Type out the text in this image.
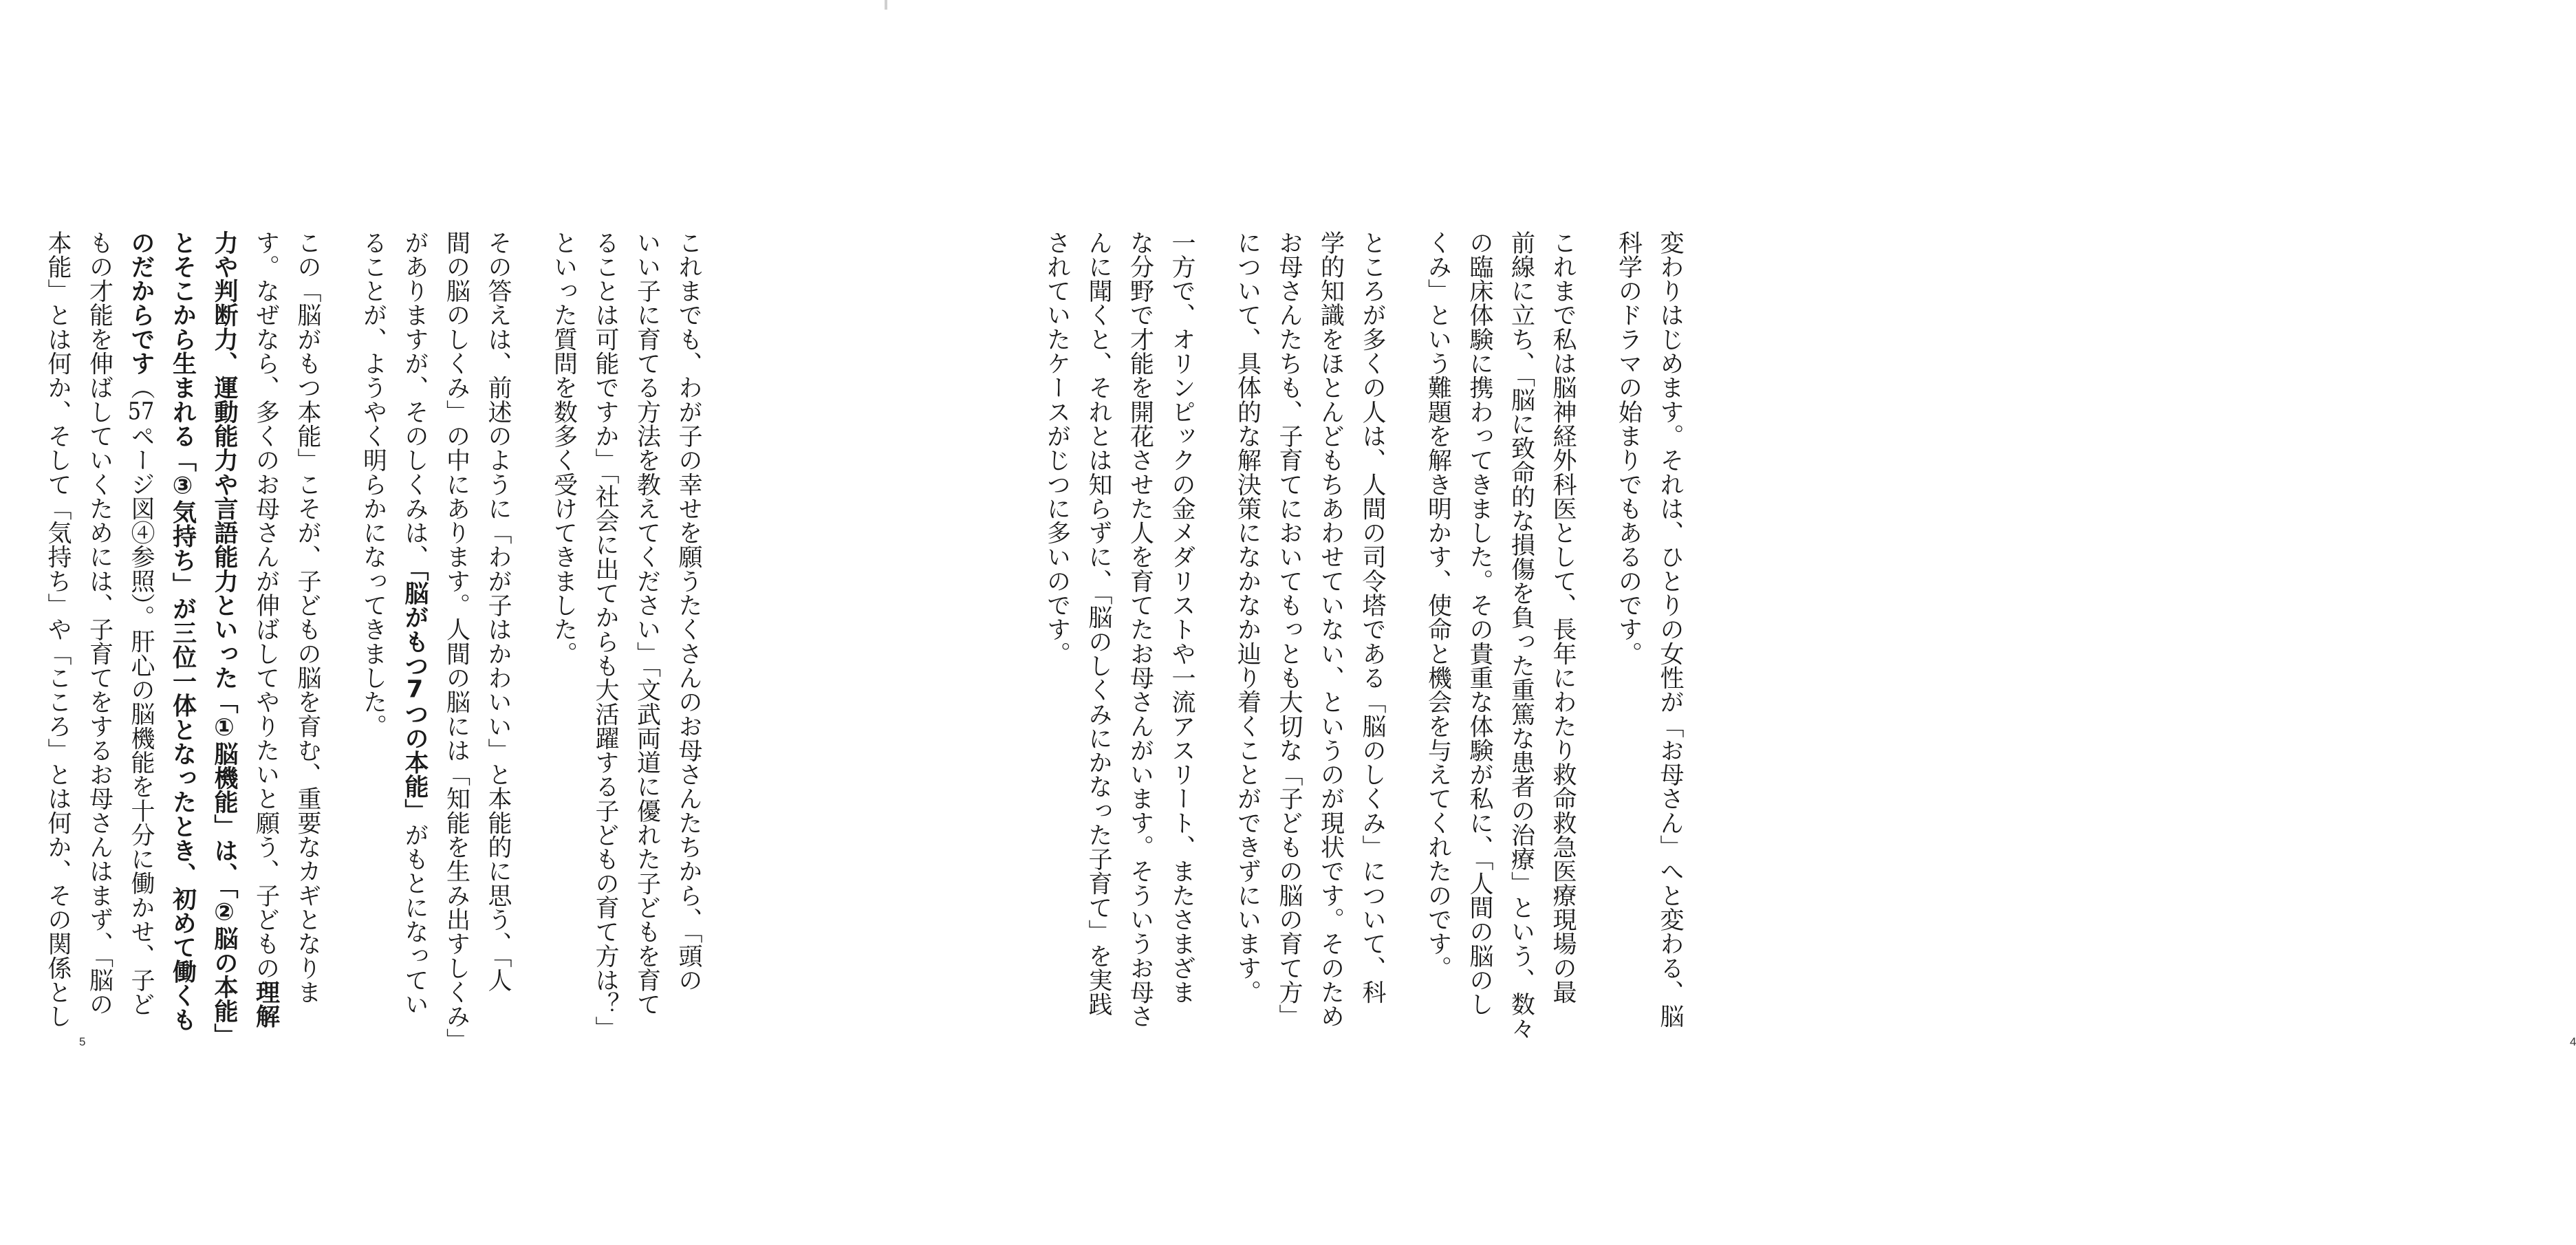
変わりはじめます。それは、ひとりの女性が「お母さん」へと変わる、脳
科学のドラマの始まりでもあるのです。
これまで私は脳神経外科医として、長年にわたり救命救急医療現場の最
前線に立ち、「脳に致命的な損傷を負った重篤な患者の治療」という、数々
の臨床体験に携わってきました。その貴重な体験が私に、「人間の脳のし
くみ」という難題を解き明かす、使命と機会を与えてくれたのです。
ところが多くの人は、人間の司令塔である「脳のしくみ」について、科
学的知識をほとんどもちあわせていない、というのが現状です。そのため
お母さんたちも、子育てにおいてもっとも大切な「子どもの脳の育て方」
について、具体的な解決策になかなか辿り着くことができずにいます。
一方で、オリンピックの金メダリストや一流アスリート、またさまざま
な分野で才能を開花させた人を育てたお母さんがいます。そういうお母さ
んに聞くと、それとは知らずに、「脳のしくみにかなった子育て」を実践
されていたケースがじつに多いのです。
4
これまでも、わが子の幸せを願うたくさんのお母さんたちから、「頭の
いい子に育てる方法を教えてください」「文武両道に優れた子どもを育て
ることは可能ですか」「社会に出てからも大活躍する子どもの育て方は？」
といった質問を数多く受けてきました。
その答えは、前述のように「わが子はかわいい」と本能的に思う、「人
間の脳のしくみ」の中にあります。人間の脳には「知能を生み出すしくみ」
がありますが、そのしくみは、「脳がもつ7つの本能」がもとになってい
ることが、ようやく明らかになってきました。
この「脳がもつ本能」こそが、子どもの脳を育む、重要なカギとなりま
す。なぜなら、多くのお母さんが伸ばしてやりたいと願う、子どもの理解
力や判断力、運動能力や言語能力といった「①脳機能」は、「②脳の本能」
とそこから生まれる「③気持ち」が三位一体となったとき、初めて働くも
のだからです（57ページ図④参照）。肝心の脳機能を十分に働かせ、子ど
もの才能を伸ばしていくためには、子育てをするお母さんはまず、「脳の
本能」とは何か、そして「気持ち」や「こころ」とは何か、その関係とし
5
